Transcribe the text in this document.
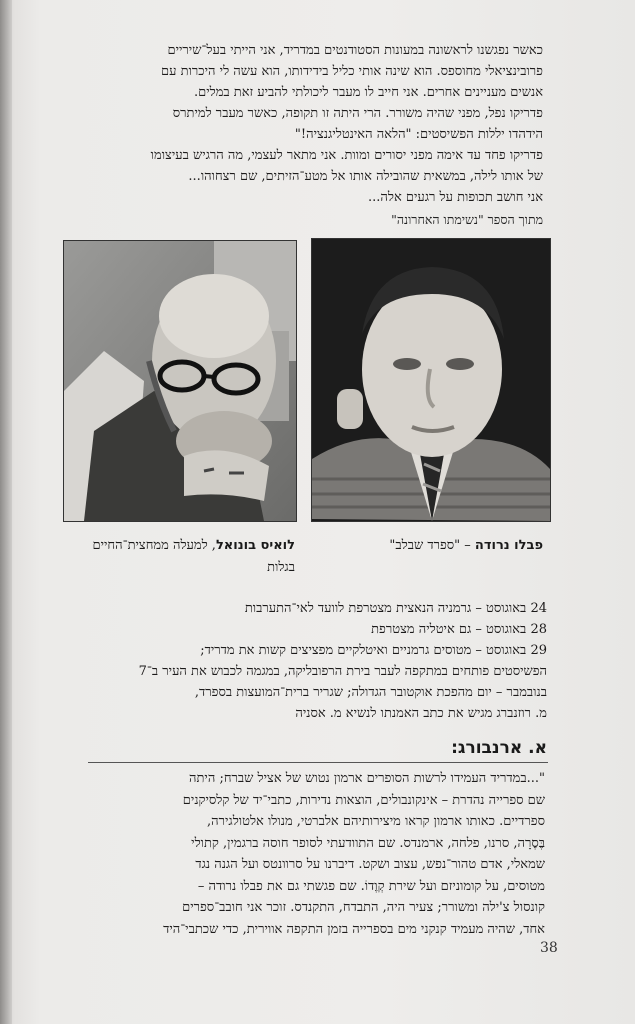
כאשר נפגשנו לראשונה במעונות הסטודנטים במדריד, אני הייתי בעל־שיריים
פרובינציאלי מחוספס. הוא שינה אותי כליל בידידותו, הוא עשה לי היכרות עם
אנשים מעניינים אחרים. אני חייב לו מעבר ליכולתי להביע זאת במלים.
פדריקו נפל, מפני שהיה משורר. הרי היתה זו תקופה, כאשר מעבר למיתרס
הידהדו יללות הפשיסטים: "הלאה האינטליגנציה!"
פדריקו פחד עד אימה מפני יסורים ומוות. אני מתאר לעצמי, מה הרגיש בעיצומו
של אותו לילה, במשאית שהובילה אותו אל מטע־הזיתים, שם רצחוהו...
אני חושב תכופות על רגעים אלה...
מתוך הספר "נשימתו האחרונה"
לואיס בונואל, למעלה ממחצית־החיים
בגלות
פבלו נרודה – "ספרד שבלב"
24 באוגוסט – גרמניה הנאצית מצטרפת לוועד לאי־התערבות
28 באוגוסט – גם איטליה מצטרפת
29 באוגוסט – מטוסים גרמניים ואיטלקיים מפציצים קשות את מדריד;
הפשיסטים פותחים במתקפה לעבר בירת הרפובליקה, במגמה לכבוש את העיר ב־7
בנובמבר – יום מהפכת אוקטובר הגדולה; שגריר ברית־המועצות בספרד,
מ. רוזנברג מגיש את כתב האמנתו לנשיא מ. אסניה
א. ארנבורג:
"...במדריד העמידו לרשות הסופרים ארמון נטוש של אציל שברח; היתה
שם ספרייה נהדרת – אינקונבולים, הוצאות נדירות, כתבי־יד של קלסיקנים
ספרדיים. כאותו ארמון קראו מיצירותיהם אלברטי, מנולו אלטולגירה,
בֶּסֶרָה, סרנו, פלחה, ארמנדס. שם התוודעתי לסופר חוסה ברגמין, קתולי
שמאלי, אדם טהור־נפש, עצוב ושקט. דיברנו על סרוונטס ועל הגנה נגד
מטוסים, על קומוניזם ועל שירת קְוֶדוֹ. שם פגשתי גם את פבלו נרודה –
קונסול צ'ילה ומשורר; צעיר היה, התבדח, התקנדס. זוכר אני חובב־ספרים
אחד, שהיה מעמיד קנקני מים בספרייה בזמן התקפה אווירית, כדי שכתבי־היד
38
